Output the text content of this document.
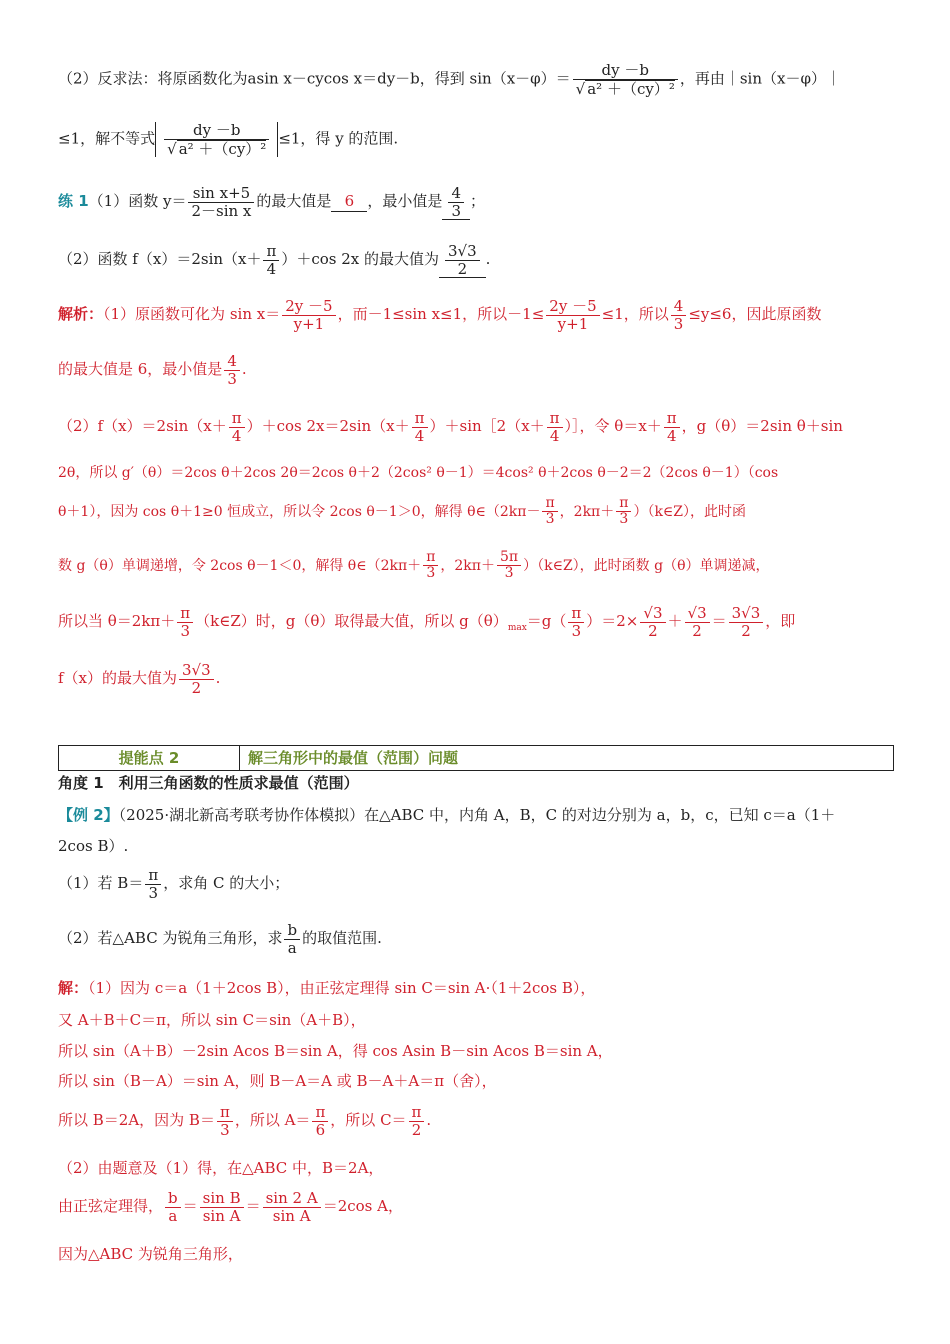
（2）反求法：将原函数化为asin x－cycos x＝dy－b，得到 $\sin(x-\varphi)= \frac{dy -b}{\text{√ a² ＋（cy）²}}$ ，再由｜sin（x－φ）｜
≤1，解不等式 $\frac{dy -b}{\text{√ a² ＋（cy）²}} \le 1$，得 y 的范围.
练 1（1）函数 $y= \frac{\text{sin x+5}}{\text{2－sin x}}$ 的最大值是 6 ，最小值是 $\frac{4}{3}$ ；
（2）函数 $f(x)=2\sin(x+ \frac{\pi}{4} )+\cos$ 2x 的最大值为 $\frac{3√3}{2}$ .
解析：（1）原函数可化为 $\sin x= \frac{2y -5}{y+1}$ ，而－1≤sin x≤1，所以$-1\le \frac{2y -5}{y+1} \le 1$，所以 $\frac{4}{3} \le y\le 6$，因此原函数
的最大值是 6，最小值是 $\frac{4}{3}$ .
$(2)f(x)=2\sin(x+ \frac{\pi}{4} )+\cos$ $2x=2\sin(x+ \frac{\pi}{4}$ ）＋sin［2（x＋ $\frac{\pi}{4}$ ）］，令 $\theta=x+ \frac{\pi}{4}$ ，g（θ）＝2sin θ＋sin
2θ，所以 g′（θ）＝2cos θ＋2cos 2θ＝2cos θ＋2（2cos² θ－1）＝4cos² θ＋2cos θ－2＝2（2cos θ－1）（cos
θ＋1），因为 cos θ＋1≥0 恒成立，所以令 2cos θ－1＞0，解得 θ∈（2kπ－ $\frac{\pi}{3}$ ，$2k\pi+ \frac{\pi}{3}$ ）（k∈Z），此时函
数 g（θ）单调递增，令 2cos θ－1＜0，解得 θ∈（2kπ＋ $\frac{\pi}{3}$ ，$2k\pi+ \frac{5\pi}{3}$ ）（k∈Z），此时函数 g（θ）单调递减，
所以当 $\theta=2k\pi+ \frac{\pi}{3}$ （k∈Z）时，g（θ）取得最大值，所以 $g(\theta)_{max}=g( \frac{\pi}{3} )=2\times \frac{√3}{2} + \frac{√3}{2} = \frac{3√3}{2}$ ，即
f（x）的最大值为 $\frac{3√3}{2}$ .
提能点 2	解三角形中的最值（范围）问题
角度 1　利用三角函数的性质求最值（范围）
【例 2】（2025·湖北新高考联考协作体模拟）在△ABC 中，内角 A，B，C 的对边分别为 a，b，c，已知 c＝a（1＋
2cos B）.
（1）若 $B= \frac{\pi}{3}$ ，求角 C 的大小；
（2）若△ABC 为锐角三角形，求 $\frac{b}{a}$ 的取值范围.
解：（1）因为 c＝a（1＋2cos B），由正弦定理得 sin C＝sin A·（1＋2cos B），
又 A＋B＋C＝π，所以 sin C＝sin（A＋B），
所以 sin（A＋B）－2sin Acos B＝sin A，得 cos Asin B－sin Acos B＝sin A，
所以 sin（B－A）＝sin A，则 B－A＝A 或 B－A＋A＝π（舍），
所以 B＝2A，因为 $B= \frac{\pi}{3}$ ，所以 $A= \frac{\pi}{6}$ ，所以 $C= \frac{\pi}{2}$ .
（2）由题意及（1）得，在△ABC 中，B＝2A，
由正弦定理得， $\frac{b}{a} = \frac{\text{sin B}}{\text{sin A}} = \frac{\sin 2 A}{\text{sin A}} =2\cos$ A，
因为△ABC 为锐角三角形，
